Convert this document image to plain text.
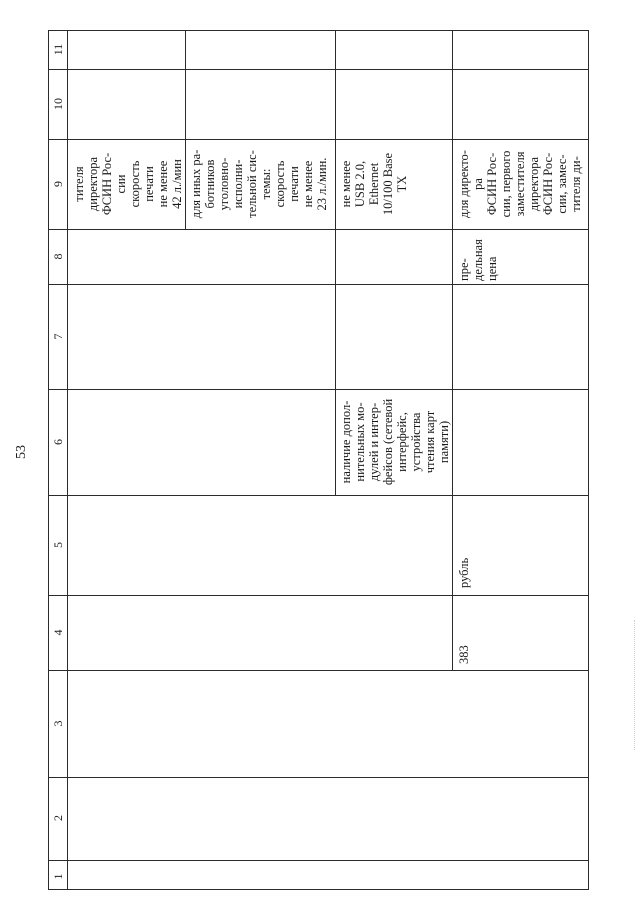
53
1
2
3
4
5
6
7
8
9
10
11
тителя
директора
ФСИН Рос-
сии
скорость
печати
не менее
42 л./мин
для иных ра-
ботников
уголовно-
исполни-
тельной сис-
темы:
скорость
печати
не менее
23 л./мин.
наличие допол-
нительных мо-
дулей и интер-
фейсов (сетевой
интерфейс,
устройства
чтения карт
памяти)
не менее
USB 2.0,
Ethernet
10/100 Base
TX
383
рубль
пре-
дельная
цена
для директо-
ра
ФСИН Рос-
сии, первого
заместителя
директора
ФСИН Рос-
сии, замес-
тителя ди-
